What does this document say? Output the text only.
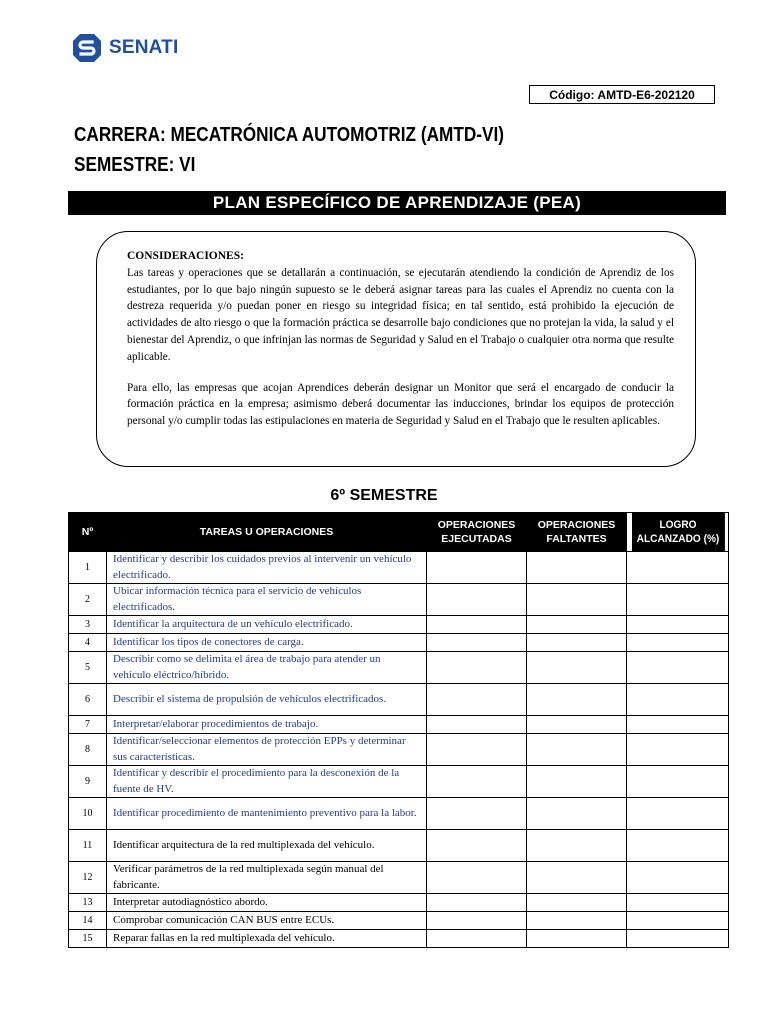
SENATI
Código: AMTD-E6-202120
CARRERA: MECATRÓNICA AUTOMOTRIZ (AMTD-VI)
SEMESTRE: VI
PLAN ESPECÍFICO DE APRENDIZAJE (PEA)
CONSIDERACIONES:

Las tareas y operaciones que se detallarán a continuación, se ejecutarán atendiendo la condición de Aprendiz de los estudiantes, por lo que bajo ningún supuesto se le deberá asignar tareas para las cuales el Aprendiz no cuenta con la destreza requerida y/o puedan poner en riesgo su integridad física; en tal sentido, está prohibido la ejecución de actividades de alto riesgo o que la formación práctica se desarrolle bajo condiciones que no protejan la vida, la salud y el bienestar del Aprendiz, o que infrinjan las normas de Seguridad y Salud en el Trabajo o cualquier otra norma que resulte aplicable.

Para ello, las empresas que acojan Aprendices deberán designar un Monitor que será el encargado de conducir la formación práctica en la empresa; asimismo deberá documentar las inducciones, brindar los equipos de protección personal y/o cumplir todas las estipulaciones en materia de Seguridad y Salud en el Trabajo que le resulten aplicables.

6º SEMESTRE
Nº	TAREAS U OPERACIONES	OPERACIONES EJECUTADAS	OPERACIONES FALTANTES	LOGRO ALCANZADO (%)
1	Identificar y describir los cuidados previos al intervenir un vehículo electrificado.			
2	Ubicar información técnica para el servicio de vehículos electrificados.			
3	Identificar la arquitectura de un vehículo electrificado.			
4	Identificar los tipos de conectores de carga.			
5	Describir como se delimita el área de trabajo para atender un vehículo eléctrico/híbrido.			
6	Describir el sistema de propulsión de vehículos electrificados.			
7	Interpretar/elaborar procedimientos de trabajo.			
8	Identificar/seleccionar elementos de protección EPPs y determinar sus características.			
9	Identificar y describir el procedimiento para la desconexión de la fuente de HV.			
10	Identificar procedimiento de mantenimiento preventivo para la labor.			
11	Identificar arquitectura de la red multiplexada del vehículo.			
12	Verificar parámetros de la red multiplexada según manual del fabricante.			
13	Interpretar autodiagnóstico abordo.			
14	Comprobar comunicación CAN BUS entre ECUs.			
15	Reparar fallas en la red multiplexada del vehículo.			
